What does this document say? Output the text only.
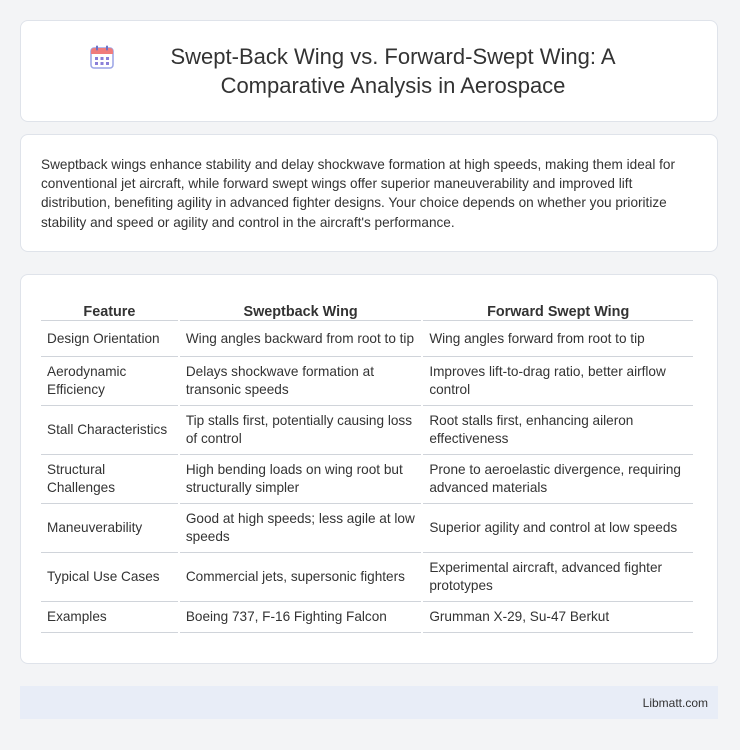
Swept-Back Wing vs. Forward-Swept Wing: A Comparative Analysis in Aerospace

Sweptback wings enhance stability and delay shockwave formation at high speeds, making them ideal for conventional jet aircraft, while forward swept wings offer superior maneuverability and improved lift distribution, benefiting agility in advanced fighter designs. Your choice depends on whether you prioritize stability and speed or agility and control in the aircraft's performance.

Feature	Sweptback Wing	Forward Swept Wing
Design Orientation	Wing angles backward from root to tip	Wing angles forward from root to tip
Aerodynamic Efficiency	Delays shockwave formation at transonic speeds	Improves lift-to-drag ratio, better airflow control
Stall Characteristics	Tip stalls first, potentially causing loss of control	Root stalls first, enhancing aileron effectiveness
Structural Challenges	High bending loads on wing root but structurally simpler	Prone to aeroelastic divergence, requiring advanced materials
Maneuverability	Good at high speeds; less agile at low speeds	Superior agility and control at low speeds
Typical Use Cases	Commercial jets, supersonic fighters	Experimental aircraft, advanced fighter prototypes
Examples	Boeing 737, F-16 Fighting Falcon	Grumman X-29, Su-47 Berkut
Libmatt.com
